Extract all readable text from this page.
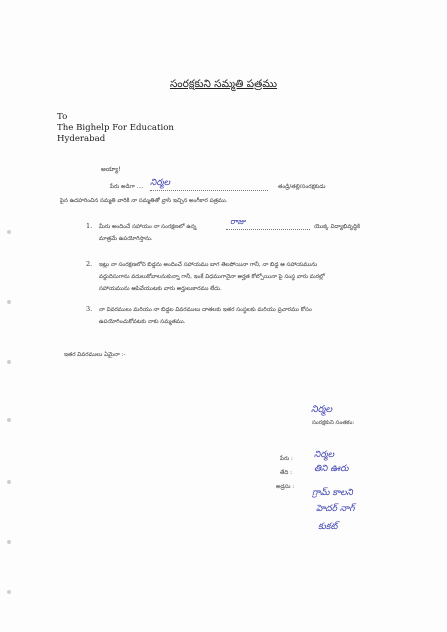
సంరక్షకుని సమ్మతి పత్రము
To
The Bighelp For Education
Hyderabad
అయ్యా!
పేరు అడిగా .... నిర్మల	తండ్రి/తల్లి/సంరక్షకుడు
పైన ఉదహరించిన సమ్మతి వారికి నా సమ్మతితో వ్రాసి ఇచ్చిన అంగీకార పత్రము.
1. మీరు అందించే సహాయం నా సంరక్షణలో ఉన్న
రాజు
యొక్క విద్యాభివృద్ధికి
మాత్రమే ఉపయోగిస్తాను.
2. ఇట్లు నా సంరక్షణలోని బిడ్డను అందించే సహాయము బాగ తెలపోయినా గానీ, నా బిడ్డ ఆ సహాయమును
వద్దుదిసుగాను వదులుకోవాలనుకున్నా గానీ, ఇంకే విధముగానైనా అర్హత కోల్పోయినా పై సంస్థ వారు మరల్లో
సహాయమును ఆపివేయుటకు వారు అర్హులుకారము లేదు.
3. నా వివరములు మరియు నా బిడ్డల వివరములు దాతలకు ఇతర సంస్థలకు మరియు ప్రచారము కోసం
ఉపయోగించుకోవటకు నాకు సమ్మతము.
ఇతర వివరములు ఏమైనా :-
నిర్మల
సంరక్షకుని సంతకం:
పేరు : నిర్మల
తేది : తిని ఊరు
అడ్రసు :
గ్రామ్ కాలని
హెదర్ నాగ్
కుకట్
